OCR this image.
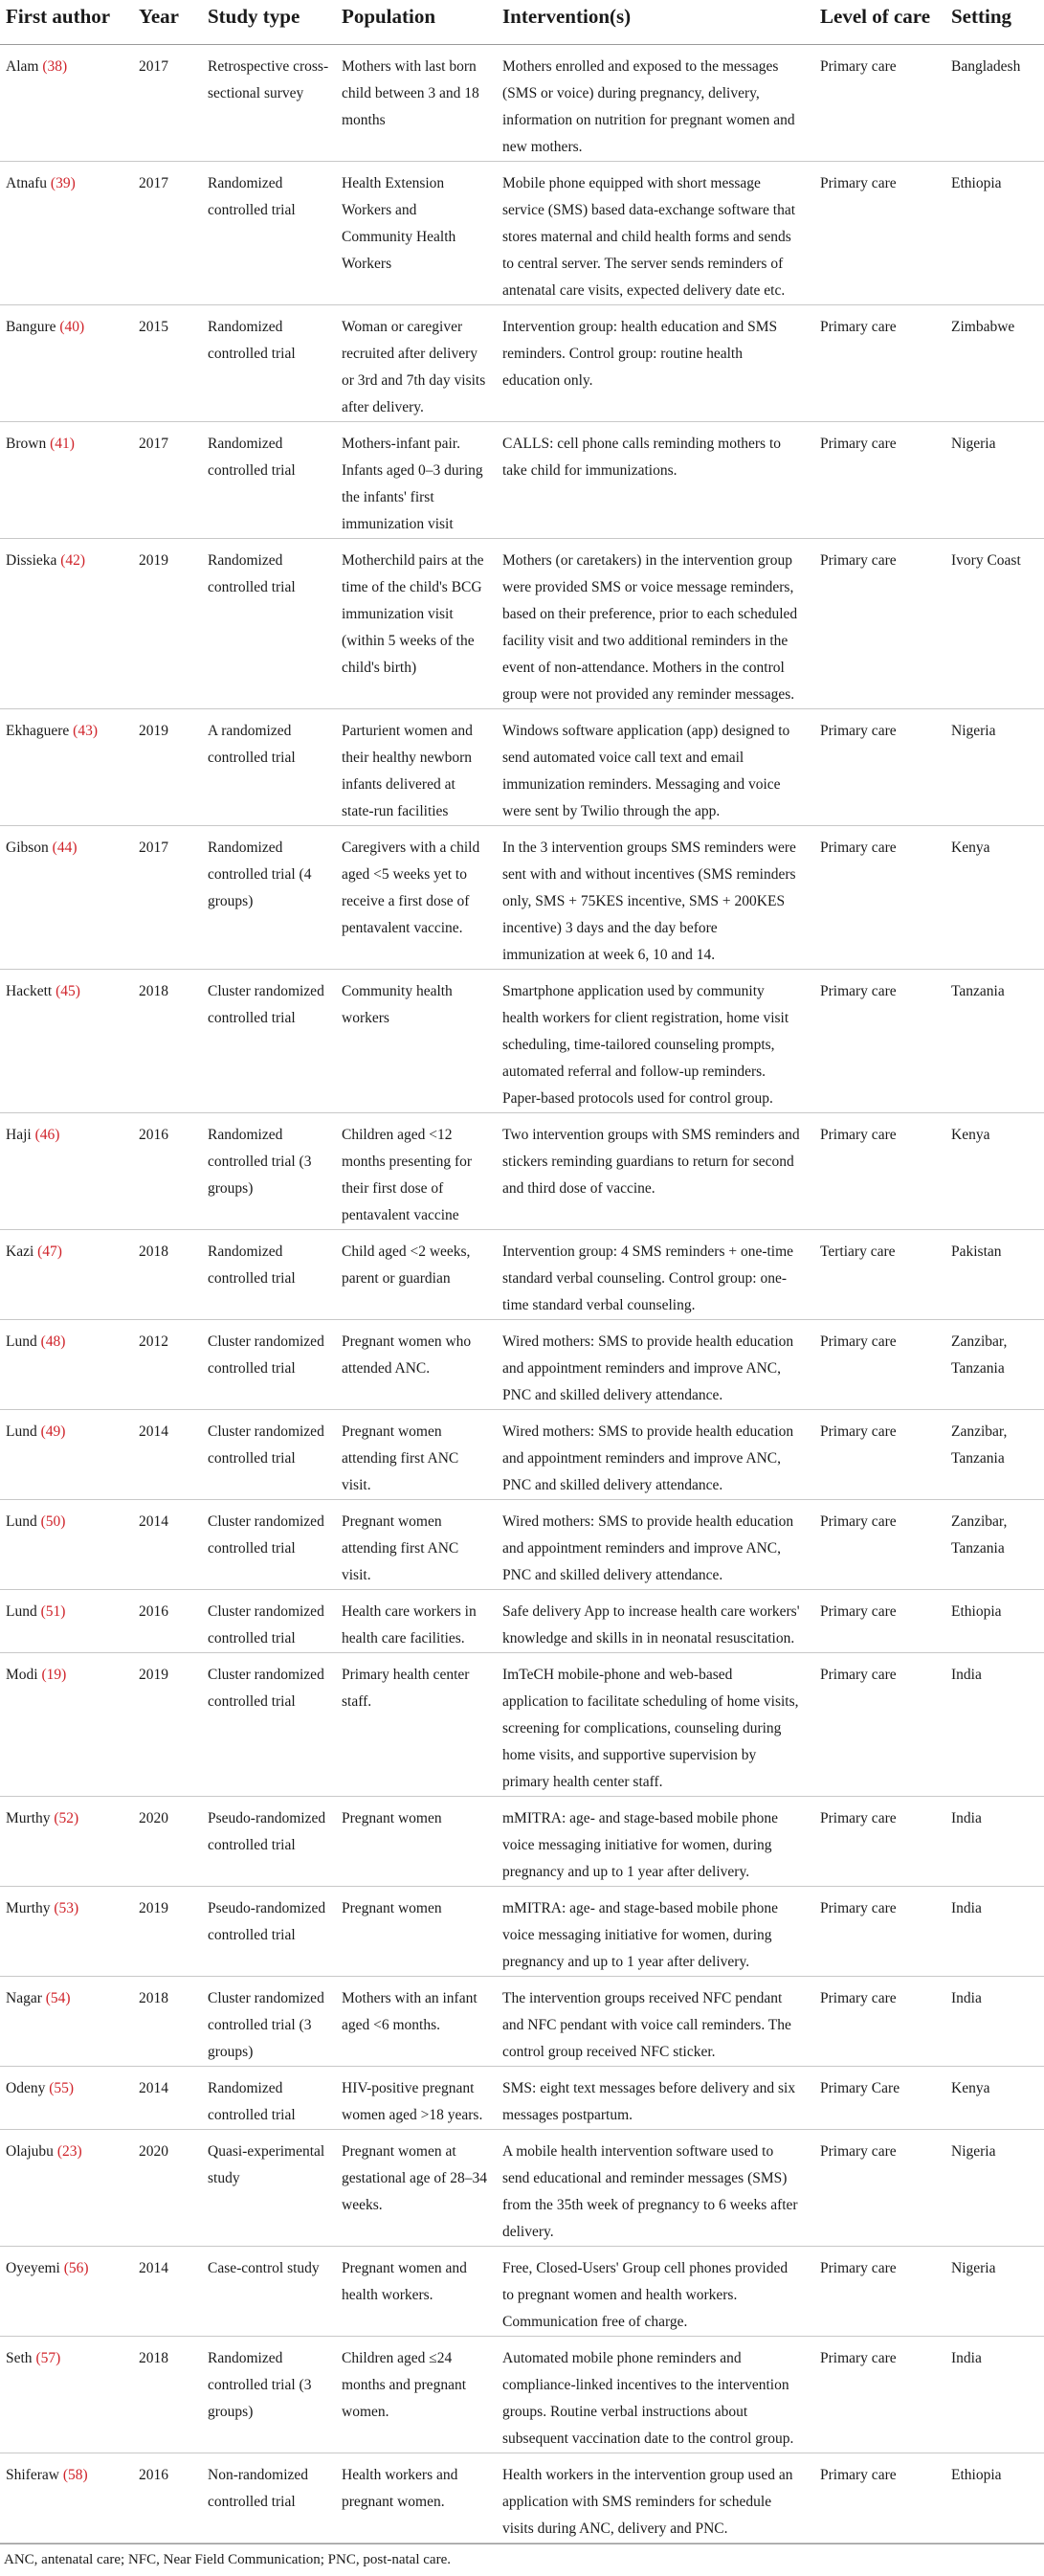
First author	Year	Study type	Population	Intervention(s)	Level of care	Setting
Alam (38)	2017	Retrospective cross-sectional survey	Mothers with last born child between 3 and 18 months	Mothers enrolled and exposed to the messages (SMS or voice) during pregnancy, delivery, information on nutrition for pregnant women and new mothers.	Primary care	Bangladesh
Atnafu (39)	2017	Randomized controlled trial	Health Extension Workers and Community Health Workers	Mobile phone equipped with short message service (SMS) based data-exchange software that stores maternal and child health forms and sends to central server. The server sends reminders of antenatal care visits, expected delivery date etc.	Primary care	Ethiopia
Bangure (40)	2015	Randomized controlled trial	Woman or caregiver recruited after delivery or 3rd and 7th day visits after delivery.	Intervention group: health education and SMS reminders. Control group: routine health education only.	Primary care	Zimbabwe
Brown (41)	2017	Randomized controlled trial	Mothers-infant pair. Infants aged 0–3 during the infants' first immunization visit	CALLS: cell phone calls reminding mothers to take child for immunizations.	Primary care	Nigeria
Dissieka (42)	2019	Randomized controlled trial	Motherchild pairs at the time of the child's BCG immunization visit (within 5 weeks of the child's birth)	Mothers (or caretakers) in the intervention group were provided SMS or voice message reminders, based on their preference, prior to each scheduled facility visit and two additional reminders in the event of non-attendance. Mothers in the control group were not provided any reminder messages.	Primary care	Ivory Coast
Ekhaguere (43)	2019	A randomized controlled trial	Parturient women and their healthy newborn infants delivered at state-run facilities	Windows software application (app) designed to send automated voice call text and email immunization reminders. Messaging and voice were sent by Twilio through the app.	Primary care	Nigeria
Gibson (44)	2017	Randomized controlled trial (4 groups)	Caregivers with a child aged <5 weeks yet to receive a first dose of pentavalent vaccine.	In the 3 intervention groups SMS reminders were sent with and without incentives (SMS reminders only, SMS + 75KES incentive, SMS + 200KES incentive) 3 days and the day before immunization at week 6, 10 and 14.	Primary care	Kenya
Hackett (45)	2018	Cluster randomized controlled trial	Community health workers	Smartphone application used by community health workers for client registration, home visit scheduling, time-tailored counseling prompts, automated referral and follow-up reminders. Paper-based protocols used for control group.	Primary care	Tanzania
Haji (46)	2016	Randomized controlled trial (3 groups)	Children aged <12 months presenting for their first dose of pentavalent vaccine	Two intervention groups with SMS reminders and stickers reminding guardians to return for second and third dose of vaccine.	Primary care	Kenya
Kazi (47)	2018	Randomized controlled trial	Child aged <2 weeks, parent or guardian	Intervention group: 4 SMS reminders + one-time standard verbal counseling. Control group: one-time standard verbal counseling.	Tertiary care	Pakistan
Lund (48)	2012	Cluster randomized controlled trial	Pregnant women who attended ANC.	Wired mothers: SMS to provide health education and appointment reminders and improve ANC, PNC and skilled delivery attendance.	Primary care	Zanzibar, Tanzania
Lund (49)	2014	Cluster randomized controlled trial	Pregnant women attending first ANC visit.	Wired mothers: SMS to provide health education and appointment reminders and improve ANC, PNC and skilled delivery attendance.	Primary care	Zanzibar, Tanzania
Lund (50)	2014	Cluster randomized controlled trial	Pregnant women attending first ANC visit.	Wired mothers: SMS to provide health education and appointment reminders and improve ANC, PNC and skilled delivery attendance.	Primary care	Zanzibar, Tanzania
Lund (51)	2016	Cluster randomized controlled trial	Health care workers in health care facilities.	Safe delivery App to increase health care workers' knowledge and skills in in neonatal resuscitation.	Primary care	Ethiopia
Modi (19)	2019	Cluster randomized controlled trial	Primary health center staff.	ImTeCH mobile-phone and web-based application to facilitate scheduling of home visits, screening for complications, counseling during home visits, and supportive supervision by primary health center staff.	Primary care	India
Murthy (52)	2020	Pseudo-randomized controlled trial	Pregnant women	mMITRA: age- and stage-based mobile phone voice messaging initiative for women, during pregnancy and up to 1 year after delivery.	Primary care	India
Murthy (53)	2019	Pseudo-randomized controlled trial	Pregnant women	mMITRA: age- and stage-based mobile phone voice messaging initiative for women, during pregnancy and up to 1 year after delivery.	Primary care	India
Nagar (54)	2018	Cluster randomized controlled trial (3 groups)	Mothers with an infant aged <6 months.	The intervention groups received NFC pendant and NFC pendant with voice call reminders. The control group received NFC sticker.	Primary care	India
Odeny (55)	2014	Randomized controlled trial	HIV-positive pregnant women aged >18 years.	SMS: eight text messages before delivery and six messages postpartum.	Primary Care	Kenya
Olajubu (23)	2020	Quasi-experimental study	Pregnant women at gestational age of 28–34 weeks.	A mobile health intervention software used to send educational and reminder messages (SMS) from the 35th week of pregnancy to 6 weeks after delivery.	Primary care	Nigeria
Oyeyemi (56)	2014	Case-control study	Pregnant women and health workers.	Free, Closed-Users' Group cell phones provided to pregnant women and health workers. Communication free of charge.	Primary care	Nigeria
Seth (57)	2018	Randomized controlled trial (3 groups)	Children aged ≤24 months and pregnant women.	Automated mobile phone reminders and compliance-linked incentives to the intervention groups. Routine verbal instructions about subsequent vaccination date to the control group.	Primary care	India
Shiferaw (58)	2016	Non-randomized controlled trial	Health workers and pregnant women.	Health workers in the intervention group used an application with SMS reminders for schedule visits during ANC, delivery and PNC.	Primary care	Ethiopia
ANC, antenatal care; NFC, Near Field Communication; PNC, post-natal care.
